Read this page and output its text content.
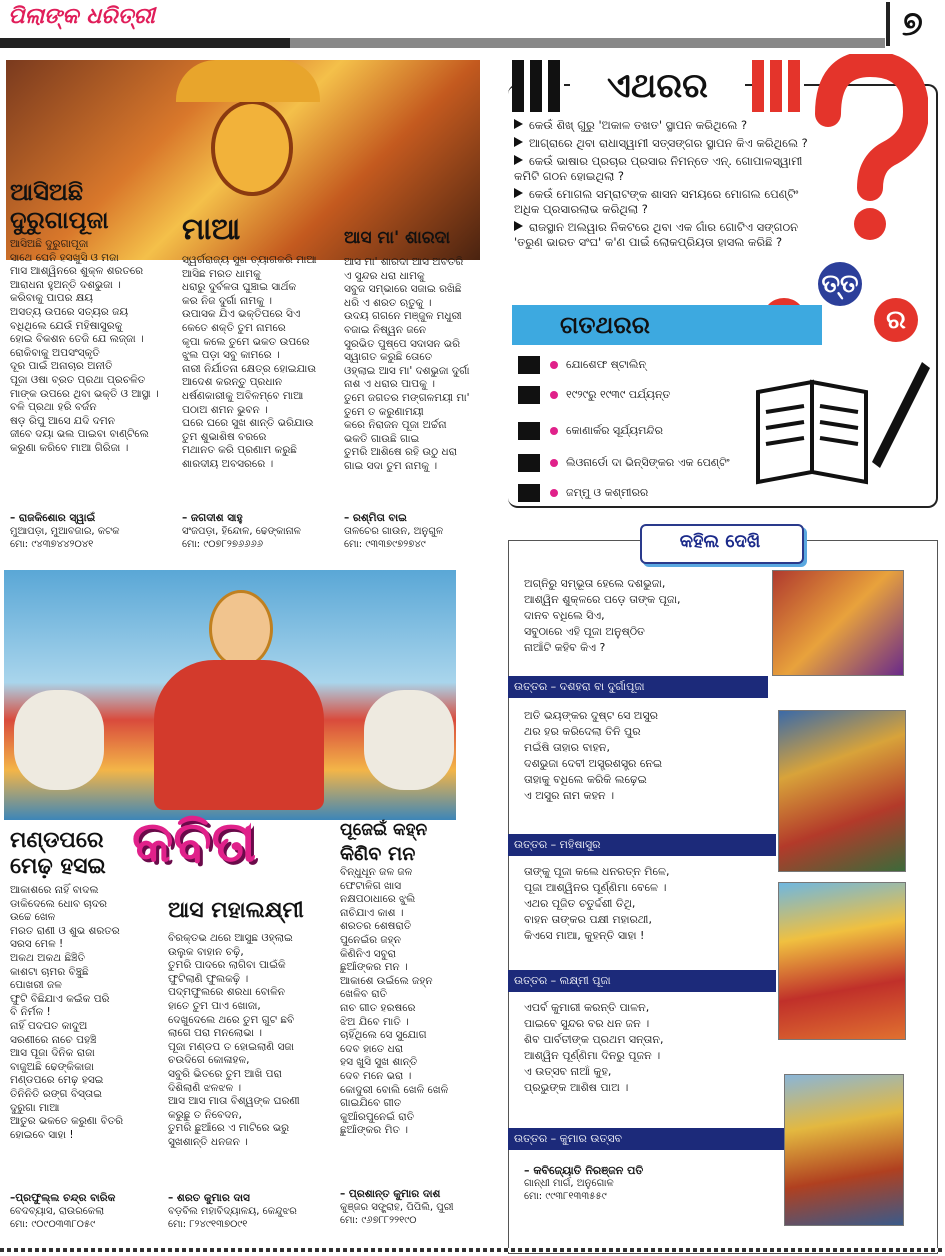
ପିଲାଙ୍କ ଧରିତ୍ରୀ	୭
ଆସିଅଛି
ଦୁରୁଗାପୂଜା
ଆସିଅଛି ଦୁରୁଗାପୂଜା
ସାଥେ ଘେନି ହସଖୁସି ଓ ମଜା
ମାସ ଆଶ୍ୱିନରେ ଶୁକ୍ଳ ଶରତରେ
ଆରାଧନା ହୁଅନ୍ତି ଦଶଭୁଜା ।
କରିବାକୁ ପାପର କ୍ଷୟ
ଅସତ୍ୟ ଉପରେ ସତ୍ୟର ଜୟ
ବଧିଥିଲେ ଯେଉଁ ମହିଷାସୁରକୁ
ହୋଇ ବିକଶନ ତେଜି ଯେ ଲଜ୍ଜା ।
ରୋକିବାକୁ ଅପସଂସ୍କୃତି
ଦୂର ପାଇଁ ଅନାଚାର ଅନୀତି
ପୂଜା ଓଷା ବ୍ରତ ପ୍ରଥା ପ୍ରଚଳିତ
ମାଙ୍କ ଉପରେ ଥିବା ଭକ୍ତି ଓ ଆସ୍ଥା ।
ବଳି ପ୍ରଥା ହରି ବର୍ଜନ
ଷଡ଼ ରିପୁ ଆସେ ଯଦି ଦମନ
ଜୀବେ ଦୟା ଭଲ ପାଇବା ବାଣ୍ଟିଲେ
କରୁଣା କରିବେ ମାଆ ଗିରିଜା ।
– ରାଜକିଶୋର ସ୍ୱାଇଁ
ମୁଆପଡ଼ା, ମୁଆବଜାର, କଟକ
ମୋ: ୯୪୩୭୪୪୨୦୪୧
ମାଆ
ସ୍ୱର୍ଗରାଜ୍ୟ ସୁଖ ତ୍ୟାଗକରି ମାଆ
ଆସିଛ ମରତ ଧାମକୁ
ଧରାରୁ ଦୁର୍ବଳତା ଘୁଞ୍ଚାଇ ସାର୍ଥକ
କର ନିଜ ଦୁର୍ଗା ନାମକୁ ।
ଉପାସକ ଯିଏ ଭକ୍ତିପରେ ସିଏ
କେତେ ଶକ୍ତି ତୁମ ନାମରେ
କୃପା କଲେ ତୁମେ ଭକତ ଉପରେ
ଝୁଲ ପଡ଼ା ସବୁ କାମରେ ।
ନାରୀ ନିର୍ଯାତନା କ୍ଷେତ୍ର ହୋଇଯାଉ
ଆଦେଶ କରନ୍ତୁ ପ୍ରଧାନ
ଧର୍ଷଣକାରୀକୁ ଅବିଳମ୍ବେ ମାଆ
ପଠାଅ ଶମନ ଭୁବନ ।
ଘରେ ଘରେ ସୁଖ ଶାନ୍ତି ଭରିଯାଉ
ତୁମ ଶୁଭାଶିଷ ବରରେ
ମଥାନତ କରି ପ୍ରଣାମ କରୁଛି
ଶାରଦୀୟ ଅବସରରେ ।
– ଜଗଦୀଶ ସାହୁ
ସଂଜପଡ଼ା, ହିନ୍ଦୋଳ, ଢେଙ୍କାନାଳ
ମୋ: ୯୦୭୮୨୭୬୬୬୬
ଆସ ମା' ଶାରଦା
ଆସ ମା' ଶାରଦା ଆସ ଅବତରି
ଏ ସୁନ୍ଦର ଧରା ଧାମକୁ
ସବୁଜ ସମ୍ଭାରେ ସଜାଇ ରଖିଛି
ଧରି ଏ ଶରତ ଋତୁକୁ ।
ଉଦୟ ଗଗନେ ମଞ୍ଜୁଳ ମଧୁରୀ
ବଜାଇ ନିଷ୍ୱନ ଜନେ
ସୁରଭିତ ପୁଷ୍ପେ ସଦାସନ ଭରି
ସ୍ୱାଗତ କରୁଛି ତୋତେ
ଓହ୍ଲାଇ ଆସ ମା' ଦଶଭୁଜା ଦୁର୍ଗା
ନାଶ ଏ ଧରାର ପାପକୁ ।
ତୁମେ ଜଗତର ମଙ୍ଗଳମୟୀ ମା'
ତୁମେ ତ କରୁଣାମୟୀ
କରେ ନିରାଜନ ପୂଜା ଅର୍ଚ୍ଚନା
ଭକତି ଗାଉଛି ଗାଇ
ତୁମରି ଆଶିଷେ ରହି ଉଠୁ ଧରା
ଗାଇ ସଦା ତୁମ ନାମକୁ ।
– ରଶ୍ମିତା ବାଇ
ତାଳଚେର ଗାଉନ, ଅନୁଗୁଳ
ମୋ: ୯୩୩୭୯୭୨୭୪୯
ଏଥରର
କେଉଁ ଶିଖ୍ ଗୁରୁ 'ଅକାଳ ତଖତ' ସ୍ଥାପନ କରିଥିଲେ ?
ଆଗ୍ରାରେ ଥିବା ରାଧାସ୍ୱାମୀ ସତ୍ସଙ୍ଗର ସ୍ଥାପନ କିଏ କରିଥିଲେ ?
କେଉଁ ଭାଷାର ପ୍ରଚାର ପ୍ରସାର ନିମନ୍ତେ ଏନ୍. ଗୋପାଳସ୍ୱାମୀ କମିଟି ଗଠନ ହୋଇଥିଲା ?
କେଉଁ ମୋଗଲ ସମ୍ରାଟଙ୍କ ଶାସନ ସମୟରେ ମୋଗଲ ପେଣ୍ଟିଂ ଅଧିକ ପ୍ରସାରଲାଭ କରିଥିଲା ?
ରାଜସ୍ଥାନ ଅଲୱାର ନିକଟରେ ଥିବା ଏକ ଗାଁର ଗୋଟିଏ ସଙ୍ଗଠନ 'ତରୁଣ ଭାରତ ସଂଘ' କ'ଣ ପାଇଁ ଲୋକପ୍ରିୟତା ହାସଲ କରିଛି ?
ତ୍ତ
ର
ଗତଥରର
ଯୋଶେଫ ଷ୍ଟାଲିନ୍
୧୯୨୯ରୁ ୧୯୩୯ ପର୍ଯ୍ୟନ୍ତ
କୋଣାର୍କର ସୂର୍ଯ୍ୟମନ୍ଦିର
ଲିଓନାର୍ଡୋ ଦା ଭିନ୍ସିଙ୍କର ଏକ ପେଣ୍ଟିଂ
ଜମ୍ମୁ ଓ କଶ୍ମୀରର
କହିଲ ଦେଖି
ଅଗ୍ନିରୁ ସମ୍ଭୂତା ହେଲେ ଦଶଭୁଜା,
ଆଶ୍ୱିନ ଶୁକ୍ଳରେ ପଡ଼େ ତାଙ୍କ ପୂଜା,
ଦାନବ ବଧିଲେ ସିଏ,
ସବୁଠାରେ ଏହି ପୂଜା ଅନୁଷ୍ଠିତ
ନାଆଁଟି କହିବ କିଏ ?
ଉତ୍ତର – ଦଶହରା ବା ଦୁର୍ଗାପୂଜା
ଅତି ଭୟଙ୍କର ଦୁଷ୍ଟ ସେ ଅସୁର
ଥର ହର କରିଦେଲା ତିନି ପୁର
ମଇଁଷି ତାହାର ବାହନ,
ଦଶଭୁଜା ଦେବୀ ଅସ୍ତ୍ରଶସ୍ତ୍ର ନେଇ
ତାହାକୁ ବଧିଲେ କରିକି ଲଢ଼େଇ
ଏ ଅସୁର ନାମ କହନ ।
ଉତ୍ତର – ମହିଷାସୁର
ତାଙ୍କୁ ପୂଜା କଲେ ଧନରତ୍ନ ମିଳେ,
ପୂଜା ଆଶ୍ୱିନର ପୂର୍ଣ୍ଣିମା ବେଳେ ।
ଏଥର ପୂଜିତ ଚତୁର୍ଦ୍ଦଶୀ ତିଥି,
ବାହନ ତାଙ୍କର ପକ୍ଷୀ ମହାରଥୀ,
କିଏସେ ମାଆ, କୁହନ୍ତି ସାହା !
ଉତ୍ତର – ଲକ୍ଷ୍ମୀ ପୂଜା
ଏପର୍ବ କୁମାରୀ କରନ୍ତି ପାଳନ,
ପାଇବେ ସୁନ୍ଦର ବର ଧନ ଜନ ।
ଶିବ ପାର୍ବତୀଙ୍କ ପ୍ରଥମ ସନ୍ତାନ,
ଆଶ୍ୱିନ ପୂର୍ଣ୍ଣିମା ଦିନରୁ ପୂଜନ ।
ଏ ଉତ୍ସବ ନାଆଁ କୁହ,
ପ୍ରଭୁଙ୍କ ଆଶିଷ ପାଅ ।
ଉତ୍ତର – କୁମାର ଉତ୍ସବ
– କବିଜ୍ୟୋତି ନିରଞ୍ଜନ ପତି
ଗାନ୍ଧୀ ମାର୍ଗ, ଅନୁଗୋଳ
ମୋ: ୯୯୩୮୧୩୩୫୫୯
କବିତା
ମଣ୍ଡପରେ
ମେଢ଼ ହସଇ
ଆକାଶରେ ନାହିଁ ବାଦଲ
ଡାକିଦେଲେ ଧୋବ ଚାଦର
ଉଚ୍ଚେ ଖେଳ
ମରତ ରାଣୀ ଓ ଶୁଭ ଶରତର
ସରସ ମେଳ !
ଅକଥ ଅକଥ ଛିଞ୍ଚିତି
କାଶଟା ଚାମର ବିଞ୍ଚୁଛି
ପୋଖରୀ ଜଳ
ଫୁଟି ବିଛିଯାଏ କଇଁକ ପରି
ବି ନିର୍ମଳ !
ନାହିଁ ପଦପତ କାଦୁଅ
ସରଣୀରେ ନାଚେ ପହଞ୍ଚି
ଆସ ପୂଜା ଦିନିକ ରାଜା
ବାଜୁଅଛି ଢେଙ୍କିକାଜା
ମଣ୍ଡପରେ ମେଢ଼ ହସଇ
ତିନିନିତି ରଙ୍ଗ ବିସ୍ତାଇ
ଦୁରୁଗା ମାଆ
ଆତୁର ଭକତେ କରୁଣା ବିତରି
ହୋଇବେ ସାହା !
–ପ୍ରଫୁଲ୍ଲ ଚନ୍ଦ୍ର ବାରିକ
ବେଦବ୍ୟାସ, ରାଉରକେଲା
ମୋ: ୯୦୯୦୩୩୮୦୫୯
ଆସ ମହାଲକ୍ଷ୍ମୀ
ବିରକ୍ତଭ ଥରେ ଆସୁଛ ଓହ୍ଲାଇ
ଉଲୁକ ବାହାନ ଚଢ଼ି,
ତୁମରି ପାଦରେ ଲାଗିବା ପାଇଁକି
ଫୁଟିଲାଣି ଫୁଲକଢ଼ି ।
ପଦ୍ମଫୁଲରେ ଶରଧା ବୋଳିନ
ହାତେ ତୁମ ପାଏ ଖୋଜା,
ଦେଖୁଦେଲେ ଥରେ ତୁମ ଗୁଟ ଛବି
ଲାଗେ ପରା ମନଲୋଭା ।
ପୂଜା ମଣ୍ଡପ ତ ହୋଇଲାଣି ସଜା
ଚଉଦିଗେ କୋଳାହଳ,
ସବୁରି ଭିତରେ ତୁମ ଆଖି ପରା
ଦିଶିଲାଣି ଝଳଝଳ ।
ଆସ ଆସ ମାତା ବିଶ୍ୱଙ୍କ ଘରଣୀ
କରୁଛୁ ତ ନିବେଦନ,
ତୁମରି ଛୁଆଁରେ ଏ ମାଟିରେ ଭରୁ
ସୁଖଶାନ୍ତି ଧନଜନ ।
– ଶରତ କୁମାର ଦାସ
ବଡ଼ବିଲ ମହାବିଦ୍ୟାଳୟ, କେନ୍ଦୁଝର
ମୋ: ୮୨୪୯୧୩୭୦୯୧
ପୂଜେଇଁ କହ୍ନ
କିଣିବ ମନ
ବିନ୍ଧୁଧୂନ ଜଳ ଜଳ
ଫେଟାଳିଗ ଖାସ
ନକ୍ଷପଠାଧାରେ ଝୁଲି
ନାଚିଯାଏ କାଶ ।
ଶରତର ଶେଷରାତି
ପୁନେଇଁର ଜହ୍ନ
କିଣିନିଏ ସବୁରା
ଛୁଆଁଙ୍କର ମନ ।
ଆକାଶେ ଉଇଁଲେ ଜହ୍ନ
ଖେଳିବ ରାତି
ନାଚ ଗୀତ ହରଷରେ
ଝିଅ ଯିବେ ମାତି ।
ଚାହିଁଥିଲେ ସେ ସୁଯୋଗ
ଦେବ ହାତେ ଧରା
ହସ ଖୁସି ସୁଖ ଶାନ୍ତି
ଦେବ ମନେ ଭରା ।
କୋଦୁରୀ ବୋଲି ଖେଳି ଖେଳି
ଗାଇଯିବେ ଗୀତ
କୁଆଁରପୁନେଇଁ ରାତି
ଛୁଆଁଙ୍କର ମିତ ।
– ପ୍ରଶାନ୍ତ କୁମାର ଦାଶ
କୁଞ୍ଜର ସଙ୍ଗ୍ରାହ, ପିପିଲି, ପୁରୀ
ମୋ: ୯୬୭୮୮୨୨୧୯୦
